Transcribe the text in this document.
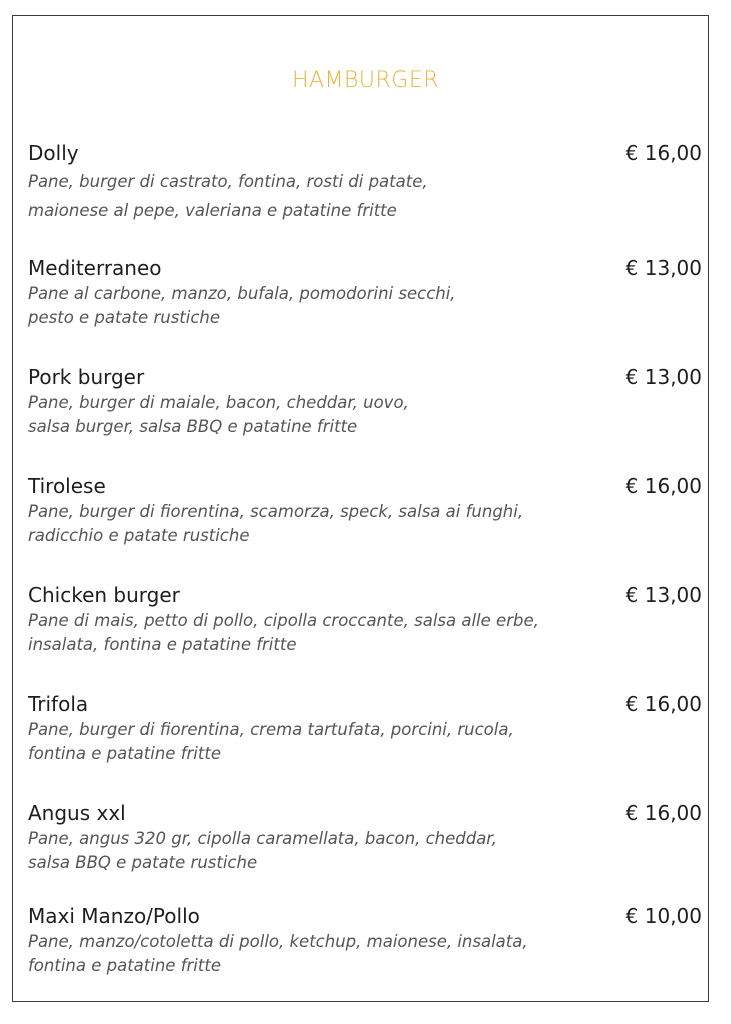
HAMBURGER
Dolly	€ 16,00
Pane, burger di castrato, fontina, rosti di patate,
maionese al pepe, valeriana e patatine fritte
Mediterraneo	€ 13,00
Pane al carbone, manzo, bufala, pomodorini secchi,
pesto e patate rustiche
Pork burger	€ 13,00
Pane, burger di maiale, bacon, cheddar, uovo,
salsa burger, salsa BBQ e patatine fritte
Tirolese	€ 16,00
Pane, burger di fiorentina, scamorza, speck, salsa ai funghi,
radicchio e patate rustiche
Chicken burger	€ 13,00
Pane di mais, petto di pollo, cipolla croccante, salsa alle erbe,
insalata, fontina e patatine fritte
Trifola	€ 16,00
Pane, burger di fiorentina, crema tartufata, porcini, rucola,
fontina e patatine fritte
Angus xxl	€ 16,00
Pane, angus 320 gr, cipolla caramellata, bacon, cheddar,
salsa BBQ e patate rustiche
Maxi Manzo/Pollo	€ 10,00
Pane, manzo/cotoletta di pollo, ketchup, maionese, insalata,
fontina e patatine fritte
